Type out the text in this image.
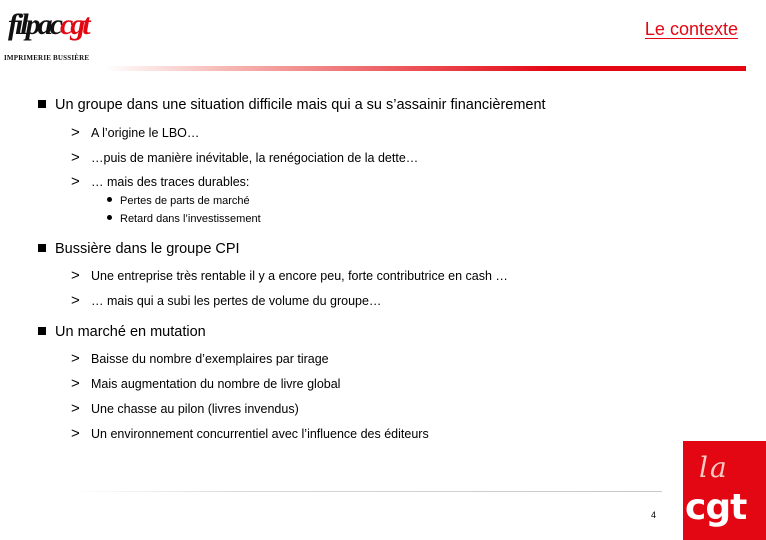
filpaccgt
IMPRIMERIE BUSSIÈRE
Le contexte
Un groupe dans une situation difficile mais qui a su s’assainir financièrement
> A l’origine le LBO…
> …puis de manière inévitable, la renégociation de la dette…
> … mais des traces durables:
Pertes de parts de marché
Retard dans l’investissement
Bussière dans le groupe CPI
> Une entreprise très rentable il y a encore peu, forte contributrice en cash …
> … mais qui a subi les pertes de volume du groupe…
Un marché en mutation
> Baisse du nombre d’exemplaires par tirage
> Mais augmentation du nombre de livre global
> Une chasse au pilon (livres invendus)
> Un environnement concurrentiel avec l’influence des éditeurs
4
la
cgt
